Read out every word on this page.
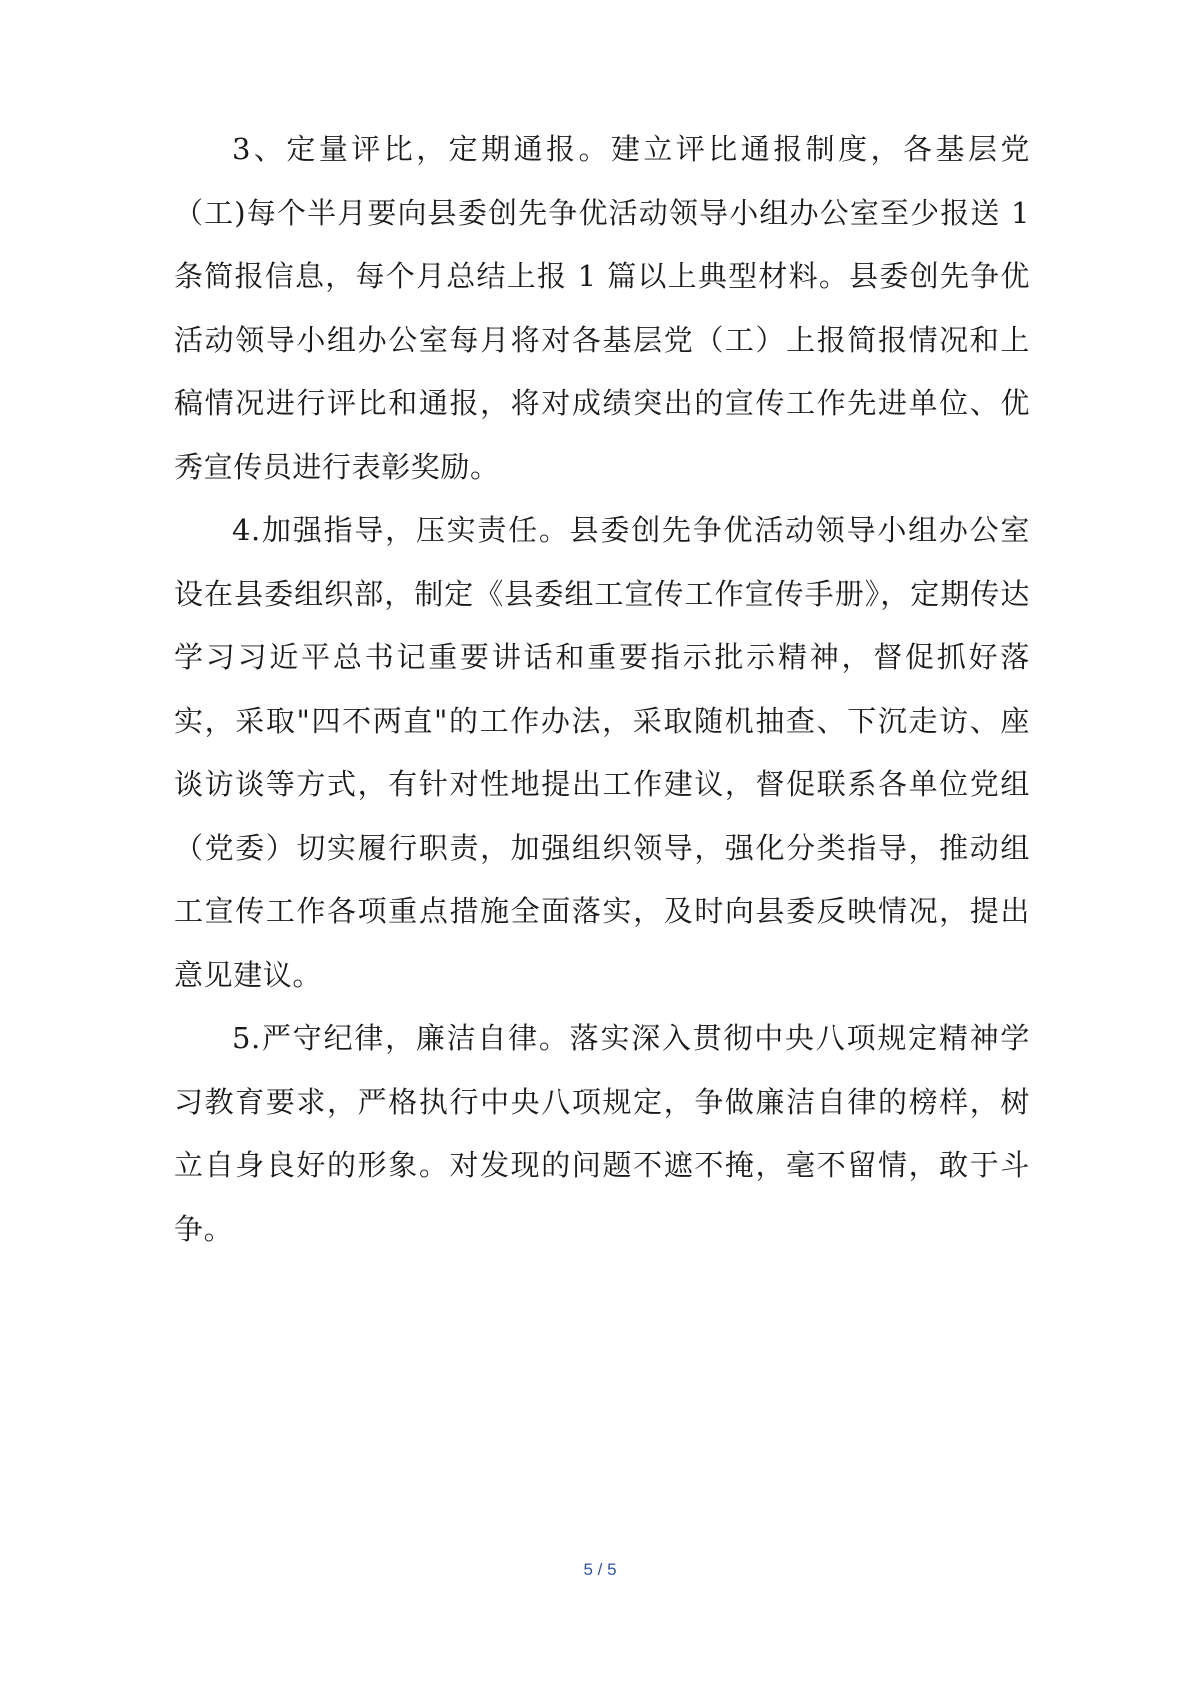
3、定量评比，定期通报。建立评比通报制度，各基层党（工)每个半月要向县委创先争优活动领导小组办公室至少报送 1 条简报信息，每个月总结上报 1 篇以上典型材料。县委创先争优活动领导小组办公室每月将对各基层党（工）上报简报情况和上稿情况进行评比和通报，将对成绩突出的宣传工作先进单位、优秀宣传员进行表彰奖励。

4.加强指导，压实责任。县委创先争优活动领导小组办公室设在县委组织部，制定《县委组工宣传工作宣传手册》，定期传达学习习近平总书记重要讲话和重要指示批示精神，督促抓好落实，采取"四不两直"的工作办法，采取随机抽查、下沉走访、座谈访谈等方式，有针对性地提出工作建议，督促联系各单位党组（党委）切实履行职责，加强组织领导，强化分类指导，推动组工宣传工作各项重点措施全面落实，及时向县委反映情况，提出意见建议。

5.严守纪律，廉洁自律。落实深入贯彻中央八项规定精神学习教育要求，严格执行中央八项规定，争做廉洁自律的榜样，树立自身良好的形象。对发现的问题不遮不掩，毫不留情，敢于斗争。

5 / 5
